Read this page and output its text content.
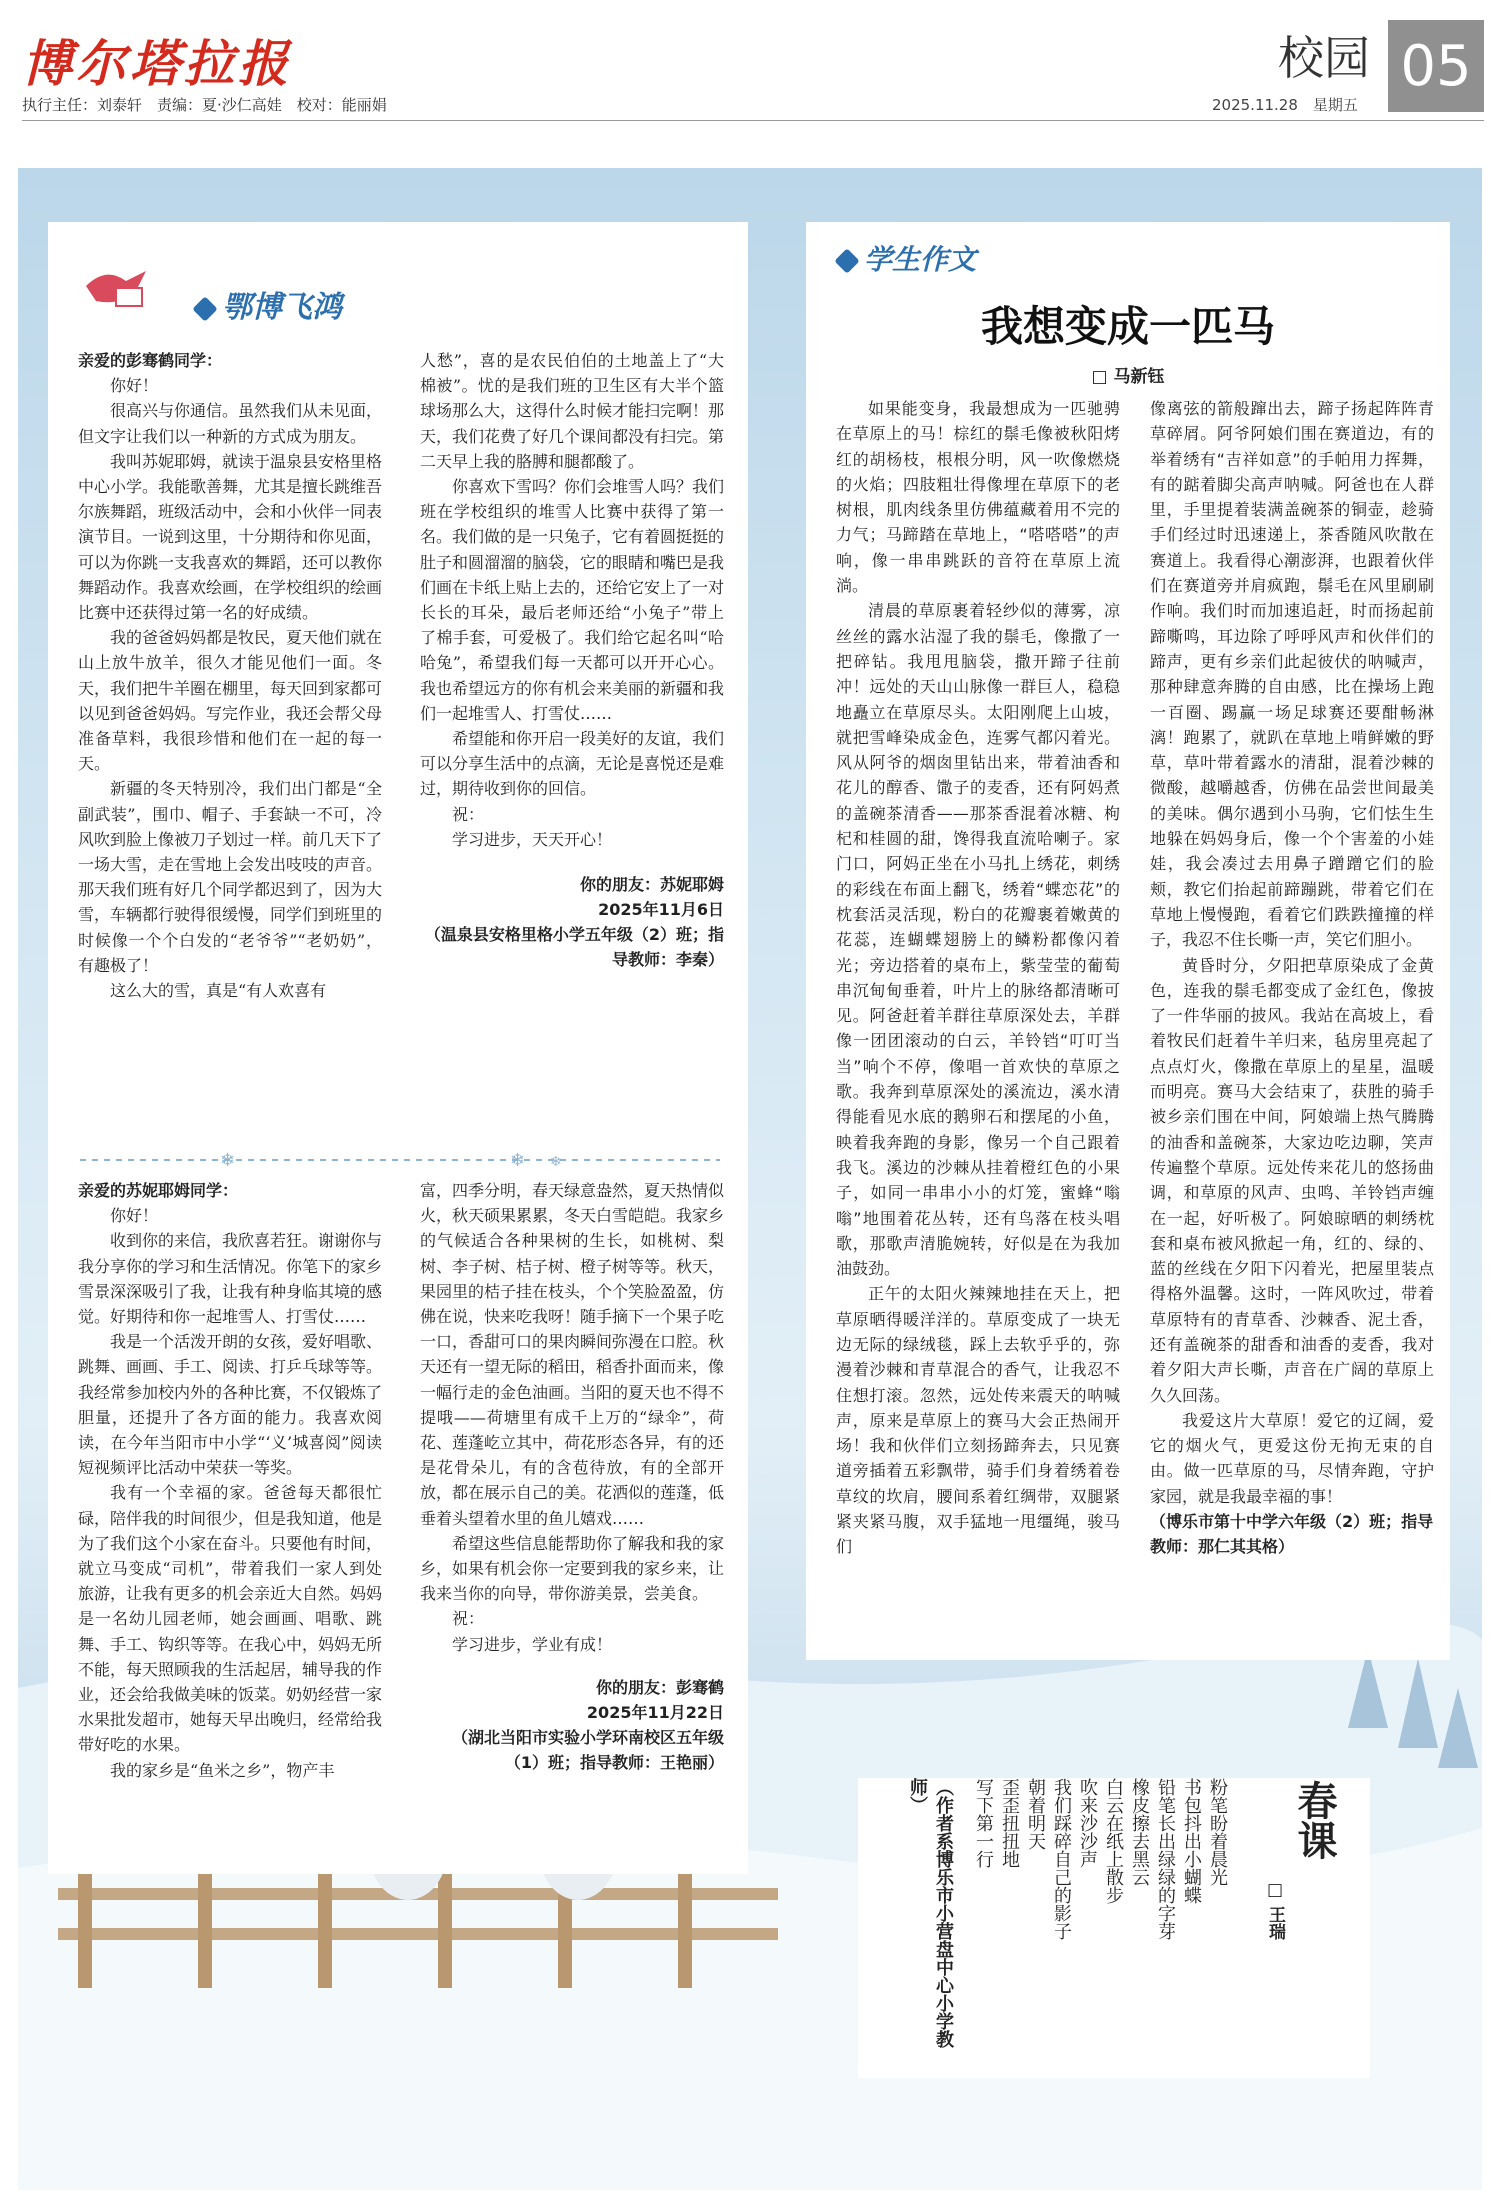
博尔塔拉报
执行主任：刘泰轩　责编：夏·沙仁高娃　校对：能丽娟
校园 05
2025.11.28　星期五
鄂博飞鸿

亲爱的彭骞鹤同学：

你好！

很高兴与你通信。虽然我们从未见面，但文字让我们以一种新的方式成为朋友。

我叫苏妮耶姆，就读于温泉县安格里格中心小学。我能歌善舞，尤其是擅长跳维吾尔族舞蹈，班级活动中，会和小伙伴一同表演节目。一说到这里，十分期待和你见面，可以为你跳一支我喜欢的舞蹈，还可以教你舞蹈动作。我喜欢绘画，在学校组织的绘画比赛中还获得过第一名的好成绩。

我的爸爸妈妈都是牧民，夏天他们就在山上放牛放羊，很久才能见他们一面。冬天，我们把牛羊圈在棚里，每天回到家都可以见到爸爸妈妈。写完作业，我还会帮父母准备草料，我很珍惜和他们在一起的每一天。

新疆的冬天特别冷，我们出门都是“全副武装”，围巾、帽子、手套缺一不可，冷风吹到脸上像被刀子划过一样。前几天下了一场大雪，走在雪地上会发出吱吱的声音。那天我们班有好几个同学都迟到了，因为大雪，车辆都行驶得很缓慢，同学们到班里的时候像一个个白发的“老爷爷”“老奶奶”，有趣极了！

这么大的雪，真是“有人欢喜有

人愁”，喜的是农民伯伯的土地盖上了“大棉被”。忧的是我们班的卫生区有大半个篮球场那么大，这得什么时候才能扫完啊！那天，我们花费了好几个课间都没有扫完。第二天早上我的胳膊和腿都酸了。

你喜欢下雪吗？你们会堆雪人吗？我们班在学校组织的堆雪人比赛中获得了第一名。我们做的是一只兔子，它有着圆挺挺的肚子和圆溜溜的脑袋，它的眼睛和嘴巴是我们画在卡纸上贴上去的，还给它安上了一对长长的耳朵，最后老师还给“小兔子”带上了棉手套，可爱极了。我们给它起名叫“哈哈兔”，希望我们每一天都可以开开心心。我也希望远方的你有机会来美丽的新疆和我们一起堆雪人、打雪仗……

希望能和你开启一段美好的友谊，我们可以分享生活中的点滴，无论是喜悦还是难过，期待收到你的回信。

祝：

学习进步，天天开心！

你的朋友：苏妮耶姆
2025年11月6日
（温泉县安格里格小学五年级（2）班；指导教师：李秦）
❄	❄ ❄

亲爱的苏妮耶姆同学：

你好！

收到你的来信，我欣喜若狂。谢谢你与我分享你的学习和生活情况。你笔下的家乡雪景深深吸引了我，让我有种身临其境的感觉。好期待和你一起堆雪人、打雪仗……

我是一个活泼开朗的女孩，爱好唱歌、跳舞、画画、手工、阅读、打乒乓球等等。我经常参加校内外的各种比赛，不仅锻炼了胆量，还提升了各方面的能力。我喜欢阅读，在今年当阳市中小学“‘义’城喜阅”阅读短视频评比活动中荣获一等奖。

我有一个幸福的家。爸爸每天都很忙碌，陪伴我的时间很少，但是我知道，他是为了我们这个小家在奋斗。只要他有时间，就立马变成“司机”，带着我们一家人到处旅游，让我有更多的机会亲近大自然。妈妈是一名幼儿园老师，她会画画、唱歌、跳舞、手工、钩织等等。在我心中，妈妈无所不能，每天照顾我的生活起居，辅导我的作业，还会给我做美味的饭菜。奶奶经营一家水果批发超市，她每天早出晚归，经常给我带好吃的水果。

我的家乡是“鱼米之乡”，物产丰

富，四季分明，春天绿意盎然，夏天热情似火，秋天硕果累累，冬天白雪皑皑。我家乡的气候适合各种果树的生长，如桃树、梨树、李子树、桔子树、橙子树等等。秋天，果园里的桔子挂在枝头，个个笑脸盈盈，仿佛在说，快来吃我呀！随手摘下一个果子吃一口，香甜可口的果肉瞬间弥漫在口腔。秋天还有一望无际的稻田，稻香扑面而来，像一幅行走的金色油画。当阳的夏天也不得不提哦——荷塘里有成千上万的“绿伞”，荷花、莲蓬屹立其中，荷花形态各异，有的还是花骨朵儿，有的含苞待放，有的全部开放，都在展示自己的美。花洒似的莲蓬，低垂着头望着水里的鱼儿嬉戏……

希望这些信息能帮助你了解我和我的家乡，如果有机会你一定要到我的家乡来，让我来当你的向导，带你游美景，尝美食。

祝：

学习进步，学业有成！

你的朋友：彭骞鹤
2025年11月22日
（湖北当阳市实验小学环南校区五年级（1）班；指导教师：王艳丽）
学生作文
我想变成一匹马
□ 马新钰

如果能变身，我最想成为一匹驰骋在草原上的马！棕红的鬃毛像被秋阳烤红的胡杨枝，根根分明，风一吹像燃烧的火焰；四肢粗壮得像埋在草原下的老树根，肌肉线条里仿佛蕴藏着用不完的力气；马蹄踏在草地上，“嗒嗒嗒”的声响，像一串串跳跃的音符在草原上流淌。

清晨的草原裹着轻纱似的薄雾，凉丝丝的露水沾湿了我的鬃毛，像撒了一把碎钻。我甩甩脑袋，撒开蹄子往前冲！远处的天山山脉像一群巨人，稳稳地矗立在草原尽头。太阳刚爬上山坡，就把雪峰染成金色，连雾气都闪着光。风从阿爷的烟囱里钻出来，带着油香和花儿的醇香、馓子的麦香，还有阿妈煮的盖碗茶清香——那茶香混着冰糖、枸杞和桂圆的甜，馋得我直流哈喇子。家门口，阿妈正坐在小马扎上绣花，刺绣的彩线在布面上翻飞，绣着“蝶恋花”的枕套活灵活现，粉白的花瓣裹着嫩黄的花蕊，连蝴蝶翅膀上的鳞粉都像闪着光；旁边搭着的桌布上，紫莹莹的葡萄串沉甸甸垂着，叶片上的脉络都清晰可见。阿爸赶着羊群往草原深处去，羊群像一团团滚动的白云，羊铃铛“叮叮当当”响个不停，像唱一首欢快的草原之歌。我奔到草原深处的溪流边，溪水清得能看见水底的鹅卵石和摆尾的小鱼，映着我奔跑的身影，像另一个自己跟着我飞。溪边的沙棘从挂着橙红色的小果子，如同一串串小小的灯笼，蜜蜂“嗡嗡”地围着花丛转，还有鸟落在枝头唱歌，那歌声清脆婉转，好似是在为我加油鼓劲。

正午的太阳火辣辣地挂在天上，把草原晒得暖洋洋的。草原变成了一块无边无际的绿绒毯，踩上去软乎乎的，弥漫着沙棘和青草混合的香气，让我忍不住想打滚。忽然，远处传来震天的呐喊声，原来是草原上的赛马大会正热闹开场！我和伙伴们立刻扬蹄奔去，只见赛道旁插着五彩飘带，骑手们身着绣着卷草纹的坎肩，腰间系着红绸带，双腿紧紧夹紧马腹，双手猛地一甩缰绳，骏马们

像离弦的箭般蹿出去，蹄子扬起阵阵青草碎屑。阿爷阿娘们围在赛道边，有的举着绣有“吉祥如意”的手帕用力挥舞，有的踮着脚尖高声呐喊。阿爸也在人群里，手里提着装满盖碗茶的铜壶，趁骑手们经过时迅速递上，茶香随风吹散在赛道上。我看得心潮澎湃，也跟着伙伴们在赛道旁并肩疯跑，鬃毛在风里刷刷作响。我们时而加速追赶，时而扬起前蹄嘶鸣，耳边除了呼呼风声和伙伴们的蹄声，更有乡亲们此起彼伏的呐喊声，那种肆意奔腾的自由感，比在操场上跑一百圈、踢赢一场足球赛还要酣畅淋漓！跑累了，就趴在草地上啃鲜嫩的野草，草叶带着露水的清甜，混着沙棘的微酸，越嚼越香，仿佛在品尝世间最美的美味。偶尔遇到小马驹，它们怯生生地躲在妈妈身后，像一个个害羞的小娃娃，我会凑过去用鼻子蹭蹭它们的脸颊，教它们抬起前蹄蹦跳，带着它们在草地上慢慢跑，看着它们跌跌撞撞的样子，我忍不住长嘶一声，笑它们胆小。

黄昏时分，夕阳把草原染成了金黄色，连我的鬃毛都变成了金红色，像披了一件华丽的披风。我站在高坡上，看着牧民们赶着牛羊归来，毡房里亮起了点点灯火，像撒在草原上的星星，温暖而明亮。赛马大会结束了，获胜的骑手被乡亲们围在中间，阿娘端上热气腾腾的油香和盖碗茶，大家边吃边聊，笑声传遍整个草原。远处传来花儿的悠扬曲调，和草原的风声、虫鸣、羊铃铛声缠在一起，好听极了。阿娘晾晒的刺绣枕套和桌布被风掀起一角，红的、绿的、蓝的丝线在夕阳下闪着光，把屋里装点得格外温馨。这时，一阵风吹过，带着草原特有的青草香、沙棘香、泥土香，还有盖碗茶的甜香和油香的麦香，我对着夕阳大声长嘶，声音在广阔的草原上久久回荡。

我爱这片大草原！爱它的辽阔，爱它的烟火气，更爱这份无拘无束的自由。做一匹草原的马，尽情奔跑，守护家园，就是我最幸福的事！

（博乐市第十中学六年级（2）班；指导教师：那仁其其格）
春课
□ 王瑞
粉笔盼着晨光
书包抖出小蝴蝶
铅笔长出绿绿的字芽
橡皮擦去黑云
白云在纸上散步
吹来沙沙声
我们踩碎自己的影子
朝着明天
歪歪扭扭地
写下第一行
（作者系博乐市小营盘中心小学教师）
